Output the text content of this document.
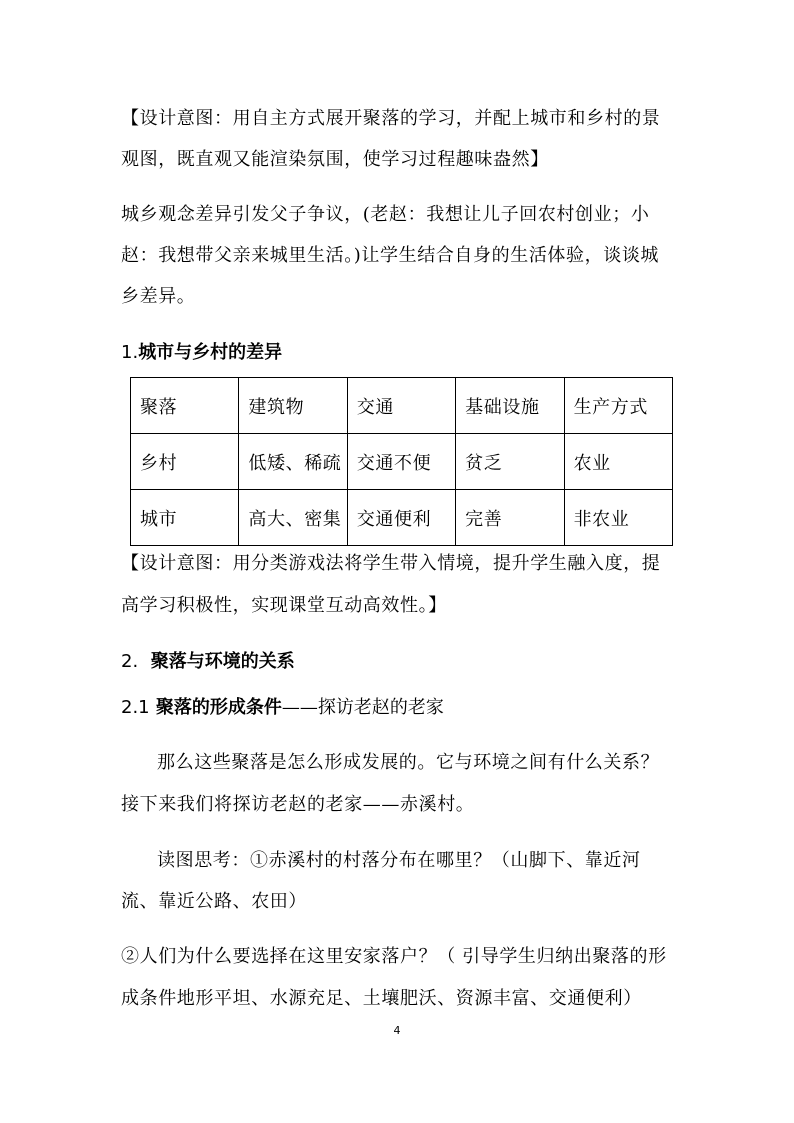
【设计意图：用自主方式展开聚落的学习，并配上城市和乡村的景
观图，既直观又能渲染氛围，使学习过程趣味盎然】
城乡观念差异引发父子争议，(老赵：我想让儿子回农村创业；小
赵：我想带父亲来城里生活。)让学生结合自身的生活体验，谈谈城
乡差异。
1.城市与乡村的差异
聚落	建筑物	交通	基础设施	生产方式
乡村	低矮、稀疏	交通不便	贫乏	农业
城市	高大、密集	交通便利	完善	非农业
【设计意图：用分类游戏法将学生带入情境，提升学生融入度，提
高学习积极性，实现课堂互动高效性。】
2. 聚落与环境的关系
2.1 聚落的形成条件——探访老赵的老家
那么这些聚落是怎么形成发展的。它与环境之间有什么关系？
接下来我们将探访老赵的老家——赤溪村。
读图思考：①赤溪村的村落分布在哪里？（山脚下、靠近河
流、靠近公路、农田）
②人们为什么要选择在这里安家落户？（ 引导学生归纳出聚落的形
成条件地形平坦、水源充足、土壤肥沃、资源丰富、交通便利）
4
